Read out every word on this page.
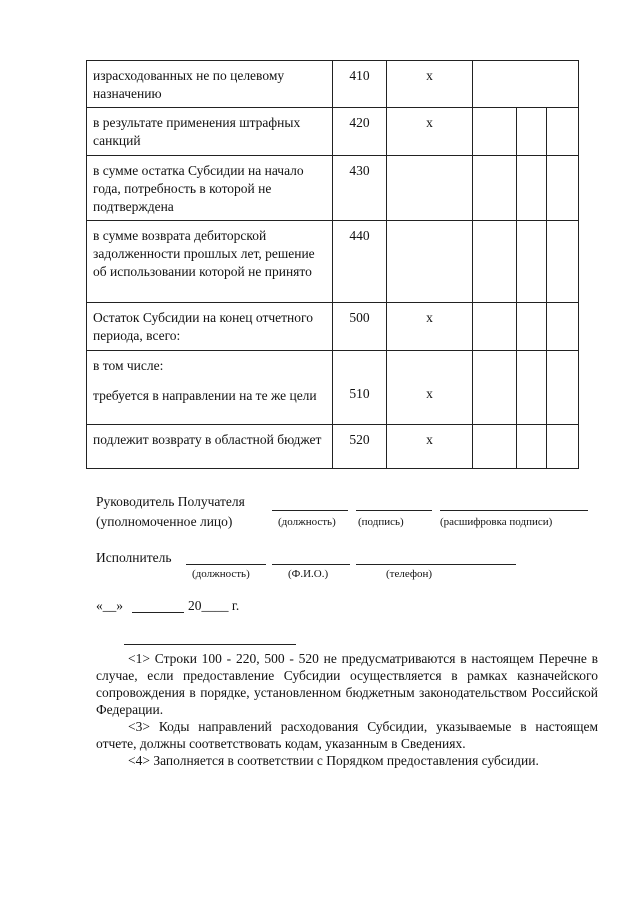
израсходованных не по целевому назначению	410	x			
в результате применения штрафных санкций	420	x			
в сумме остатка Субсидии на начало года, потребность в которой не подтверждена	430				
в сумме возврата дебиторской задолженности прошлых лет, решение об использовании которой не принято	440				
Остаток Субсидии на конец отчетного периода, всего:	500	x			
в том числе:
требуется в направлении на те же цели	510	x			
подлежит возврату в областной бюджет	520	x			
Руководитель Получателя
(уполномоченное лицо)	(должность) (подпись)	(расшифровка подписи)
Исполнитель
(должность)	(Ф.И.О.)	(телефон)
«__»	20____ г.

<1> Строки 100 - 220, 500 - 520 не предусматриваются в настоящем Перечне в случае, если предоставление Субсидии осуществляется в рамках казначейского сопровождения в порядке, установленном бюджетным законодательством Российской Федерации.

<3> Коды направлений расходования Субсидии, указываемые в настоящем отчете, должны соответствовать кодам, указанным в Сведениях.

<4> Заполняется в соответствии с Порядком предоставления субсидии.
